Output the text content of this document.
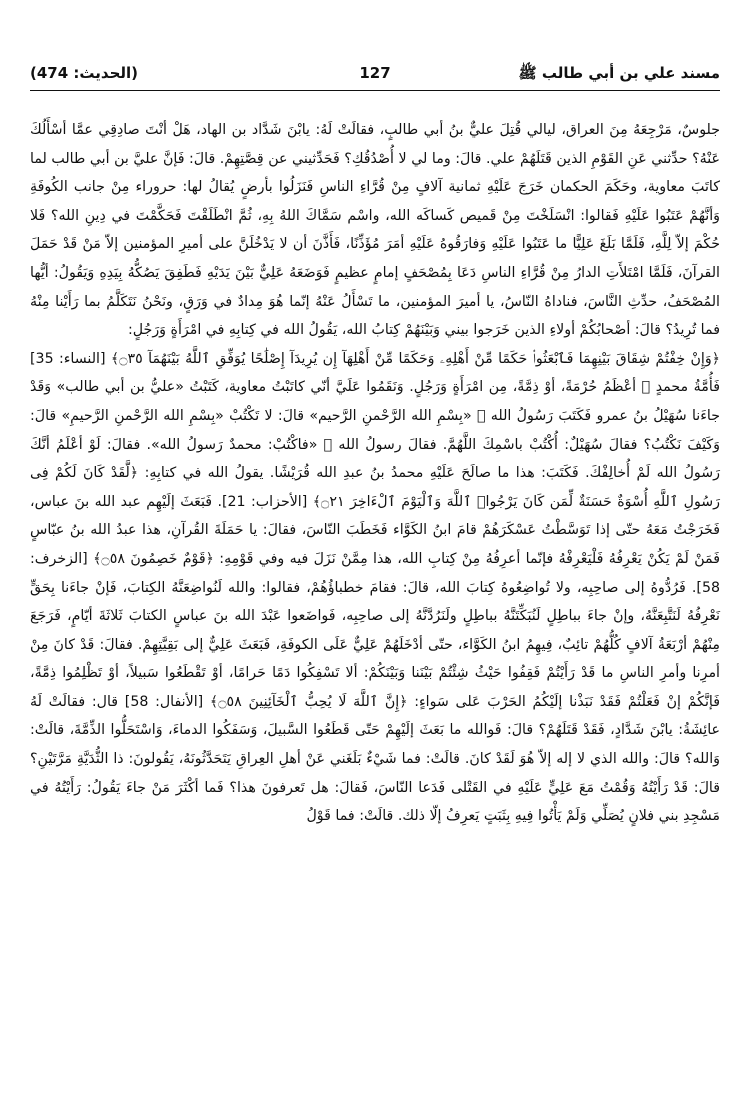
مسند علي بن أبي طالب ﷺ
127
(الحديث: 474)

جلوسٌ، مَرْجِعَهُ مِنَ العراق، ليالي قُتِلَ عليٌّ بنُ أبي طالبٍ، فقالَتْ لَهُ: يابْنَ شَدَّاد بن الهاد، هَلْ أنْتَ صادِقِي عمَّا أسْأَلُكَ عَنْهُ؟ حدِّثني عَنِ القَوْمِ الذين قَتَلَهُمْ علي. قالَ: وما لي لا أُصْدُقُكِ؟ فَحَدِّثيني عن قِصَّتِهِمْ. قالَ: فَإنَّ عليَّ بن أبي طالب لما كاتَبَ معاوية، وحَكَمَ الحكمان خَرَجَ عَلَيْهِ ثمانية آلافٍ مِنْ قُرَّاءِ الناسِ فَنَزَلُوا بأرضٍ يُقالُ لها: حروراء مِنْ جانب الكُوفَةِ وَأنَّهُمْ عَتَبُوا عَلَيْهِ فَقالوا: انْسَلَخْتَ مِنْ قَميص كَساكَه الله، واسْم سَمَّاكَ اللهُ بِهِ، ثُمَّ انْطَلَقْتَ فَحَكَّمْتَ في دِينِ الله؟ فَلا حُكْمَ إلاّ لِلَّهِ، فَلَمَّا بَلَغَ عَلِيًّا ما عَتَبُوا عَلَيْهِ وَفارَقُوهُ عَلَيْهِ أمَرَ مُؤَذِّنًا، فَأَذَّنَ أن لا يَدْخُلَنَّ على أميرِ المؤمنين إلاّ مَنْ قَدْ حَمَلَ القرآنَ، فَلَمَّا امْتَلأَتِ الدارُ مِنْ قُرَّاءِ الناسِ دَعَا بِمُصْحَفٍ إمامٍ عظيمٍ فَوَضَعَهُ عَلِيٌّ بَيْنَ يَدَيْهِ فَطَفِقَ يَصُكُّهُ بِيَدِهِ وَيَقُولُ: أيُّها المُصْحَفُ، حدِّثِ النَّاسَ، فناداهُ النّاسُ، يا أميرَ المؤمنين، ما تَسْأَلُ عَنْهُ إنّما هُوَ مِدادٌ في وَرَقٍ، ونَحْنُ نَتَكَلَّمُ بما رَأَيْنا مِنْهُ فما تُرِيدُ؟ قالَ: أصْحابُكُمْ أولاءِ الذين خَرَجوا بيني وَبَيْنَهُمْ كِتابُ الله، يَقُولُ الله في كِتابِهِ في امْرَأَةٍ وَرَجُلٍ:

﴿وَإِنْ خِفْتُمْ شِقَاقَ بَيْنِهِمَا فَٱبْعَثُوا۟ حَكَمًا مِّنْ أَهْلِهِۦ وَحَكَمًا مِّنْ أَهْلِهَآ إِن يُرِيدَآ إِصْلَٰحًا يُوَفِّقِ ٱللَّهُ بَيْنَهُمَآ ۝٣٥﴾ [النساء: 35] فَأُمَّةُ محمدٍ ﷺ أعْظَمُ حُرْمَةً، أوْ ذِمَّةً، مِن امْرَأَةٍ وَرَجُلٍ. وَنَقَمُوا عَلَيَّ أنّي كاتَبْتُ معاوية، كَتَبْتُ «عليُّ بن أبي طالب» وَقَدْ جاءَنا سُهَيْلُ بنُ عمرو فَكَتَبَ رَسُولُ الله ﷺ «بِسْمِ الله الرَّحْمنِ الرَّحيم» قالَ: لا تَكْتُبْ «بِسْمِ الله الرَّحْمنِ الرَّحيمِ» قالَ: وَكَيْفَ نَكْتُبُ؟ فقالَ سُهَيْلٌ: أُكْتُبْ باسْمِكَ اللَّهُمَّ. فقالَ رسولُ الله ﷺ «فاكْتُبْ: محمدٌ رَسولُ الله». فقالَ: لَوْ أعْلَمُ أنَّكَ رَسُولُ الله لَمْ أُخالِفْكَ. فَكَتَبَ: هذا ما صالَحَ عَلَيْهِ محمدُ بنُ عبدِ الله قُرَيْشًا. يقولُ الله في كتابِهِ: ﴿لَّقَدْ كَانَ لَكُمْ فِى رَسُولِ ٱللَّهِ أُسْوَةٌ حَسَنَةٌ لِّمَن كَانَ يَرْجُوا۟ ٱللَّهَ وَٱلْيَوْمَ ٱلْءَاخِرَ ۝٢١﴾ [الأحزاب: 21]. فَبَعَثَ إلَيْهِم عبد الله بنَ عباس، فَخَرَجْتُ مَعَهُ حتّى إذا تَوَسَّطْتُ عَسْكَرَهُمْ قامَ ابنُ الكَوَّاء فَخَطَبَ النّاسَ، فقالَ: يا حَمَلَةَ القُرآنِ، هذا عبدُ الله بنُ عبّاسٍ فَمَنْ لَمْ يَكُنْ يَعْرِفُهُ فَلْيَعْرِفْهُ فإنّما أعرِفُهُ مِنْ كِتابِ الله، هذا مِمَّنْ نَزَلَ فيه وفي قَوْمِهِ: ﴿قَوْمٌ خَصِمُونَ ۝٥٨﴾ [الزخرف: 58]. فَرُدُّوهُ إلى صاحِبِه، ولا تُواضِعُوهُ كِتابَ الله، قالَ: فقامَ خطباؤُهُمْ، فقالوا: والله لَنُواضِعَنَّهُ الكِتابَ، فَإنْ جاءَنا بِحَقٍّ نَعْرِفُهُ لَنَتَّبِعَنَّهُ، وإنْ جاءَ بباطِلٍ لَنُبَكِّتَنَّهُ بباطِلٍ ولَنَرُدَّنَّهُ إلى صاحِبِه، فَواضَعوا عَبْدَ الله بنَ عباسٍ الكتابَ ثَلاثَةَ أيّامٍ، فَرَجَعَ مِنْهُمْ أرْبَعَةُ آلافٍ كُلُّهُمْ تائِبٌ، فِيهِمُ ابنُ الكَوَّاء، حتّى أدْخَلَهُمْ عَلِيٌّ عَلَى الكوفَةِ، فَبَعَثَ عَلِيٌّ إلى بَقِيَّتِهِمْ. فقالَ: قَدْ كانَ مِنْ أمرِنا وأمرِ الناسِ ما قَدْ رَأَيْتُمْ فَقِفُوا حَيْثُ شِئْتُمْ بَيْنَنا وَبَيْنَكُمْ: ألا تَسْفِكُوا دَمًا حَرامًا، أوْ تَقْطَعُوا سَبيلاً، أوْ تَظْلِمُوا ذِمَّةً، فَإنَّكُمْ إنْ فَعَلْتُمْ فَقَدْ نَبَذْنا إلَيْكُمُ الحَرْبَ عَلى سَواءٍ: ﴿إِنَّ ٱللَّهَ لَا يُحِبُّ ٱلْخَآئِنِينَ ۝٥٨﴾ [الأنفال: 58] قال: فقالَتْ لَهُ عائِشَةُ: يابْنَ شَدَّادٍ، فَقَدْ قَتَلَهُمْ؟ قالَ: فَوالله ما بَعَثَ إلَيْهِمْ حَتّى قَطَعُوا السَّبيلَ، وَسَفَكُوا الدماءَ، وَاسْتَحَلُّوا الذِّمَّةَ، قالَتْ: وَالله؟ قالَ: والله الذي لا إله إلاّ هُوَ لَقَدْ كانَ. قالَتْ: فما شَيْءٌ بَلَغَني عَنْ أهلِ العِراقِ يَتَحَدَّثُونَهُ، يَقُولونَ: ذا الثُّدَيَّةِ مَرَّتَيْنِ؟ قالَ: قَدْ رَأَيْتُهُ وَقُمْتُ مَعَ عَلِيٍّ عَلَيْهِ في القَتْلى فَدَعا النّاسَ، فَقالَ: هل تَعرفونَ هذا؟ فَما أكْثَرَ مَنْ جاءَ يَقُولُ: رَأَيْتُهُ في مَسْجِدِ بني فلانٍ يُصَلِّي وَلَمْ يَأْتُوا فِيهِ بِثَبَتٍ يَعرِفُ إلّا ذلك. قالَتْ: فما قَوْلُ
